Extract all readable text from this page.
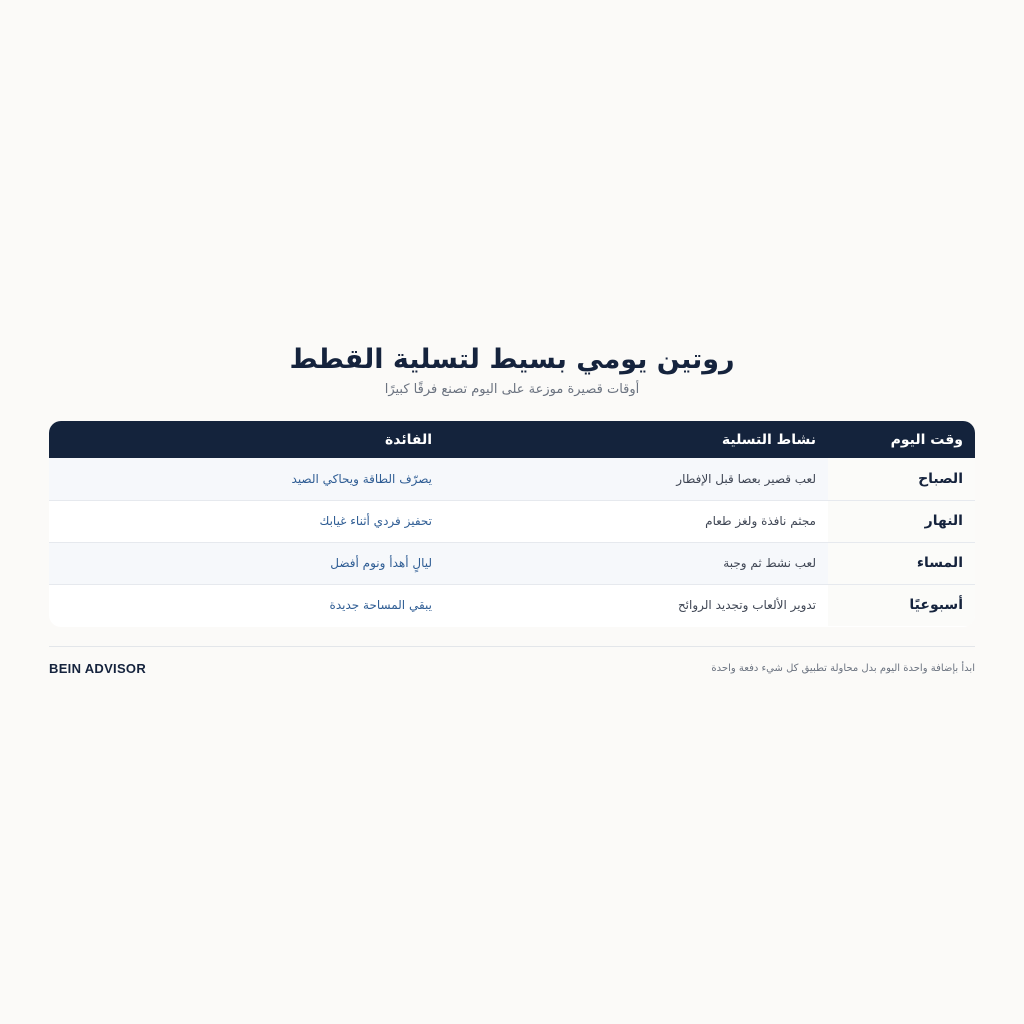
روتين يومي بسيط لتسلية القطط
أوقات قصيرة موزعة على اليوم تصنع فرقًا كبيرًا
وقت اليوم	نشاط التسلية	الفائدة
الصباح	لعب قصير بعصا قبل الإفطار	يصرّف الطاقة ويحاكي الصيد
النهار	مجثم نافذة ولغز طعام	تحفيز فردي أثناء غيابك
المساء	لعب نشط ثم وجبة	ليالٍ أهدأ ونوم أفضل
أسبوعيًا	تدوير الألعاب وتجديد الروائح	يبقي المساحة جديدة
ابدأ بإضافة واحدة اليوم بدل محاولة تطبيق كل شيء دفعة واحدة
BEIN ADVISOR
